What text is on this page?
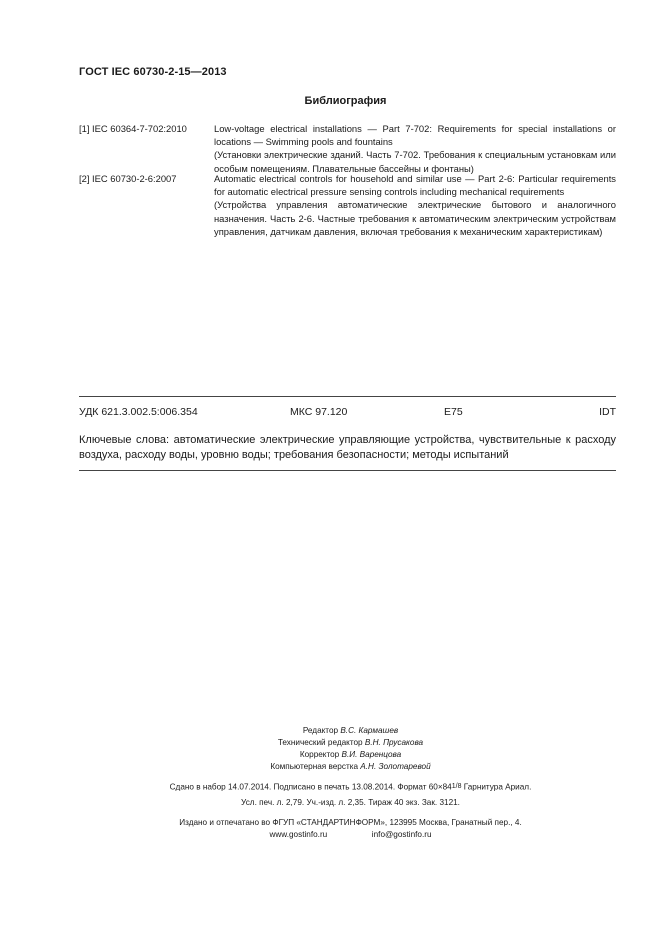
ГОСТ IEC 60730-2-15—2013
Библиография
[1] IEC 60364-7-702:2010	Low-voltage electrical installations — Part 7-702: Requirements for special installations or locations — Swimming pools and fountains
(Установки электрические зданий. Часть 7-702. Требования к специальным установкам или особым помещениям. Плавательные бассейны и фонтаны)
[2] IEC 60730-2-6:2007	Automatic electrical controls for household and similar use — Part 2-6: Particular requirements for automatic electrical pressure sensing controls including mechanical requirements
(Устройства управления автоматические электрические бытового и аналогичного назначения. Часть 2-6. Частные требования к автоматическим электрическим устройствам управления, датчикам давления, включая требования к механическим характеристикам)
УДК 621.3.002.5:006.354	МКС 97.120	Е75	IDT
Ключевые слова: автоматические электрические управляющие устройства, чувствительные к расходу воздуха, расходу воды, уровню воды; требования безопасности; методы испытаний
Редактор В.С. Кармашев
Технический редактор В.Н. Прусакова
Корректор В.И. Варенцова
Компьютерная верстка А.Н. Золотаревой
Сдано в набор 14.07.2014. Подписано в печать 13.08.2014. Формат 60×841/8 Гарнитура Ариал.
Усл. печ. л. 2,79. Уч.-изд. л. 2,35. Тираж 40 экз. Зак. 3121.
Издано и отпечатано во ФГУП «СТАНДАРТИНФОРМ», 123995 Москва, Гранатный пер., 4.
www.gostinfo.ru	info@gostinfo.ru
